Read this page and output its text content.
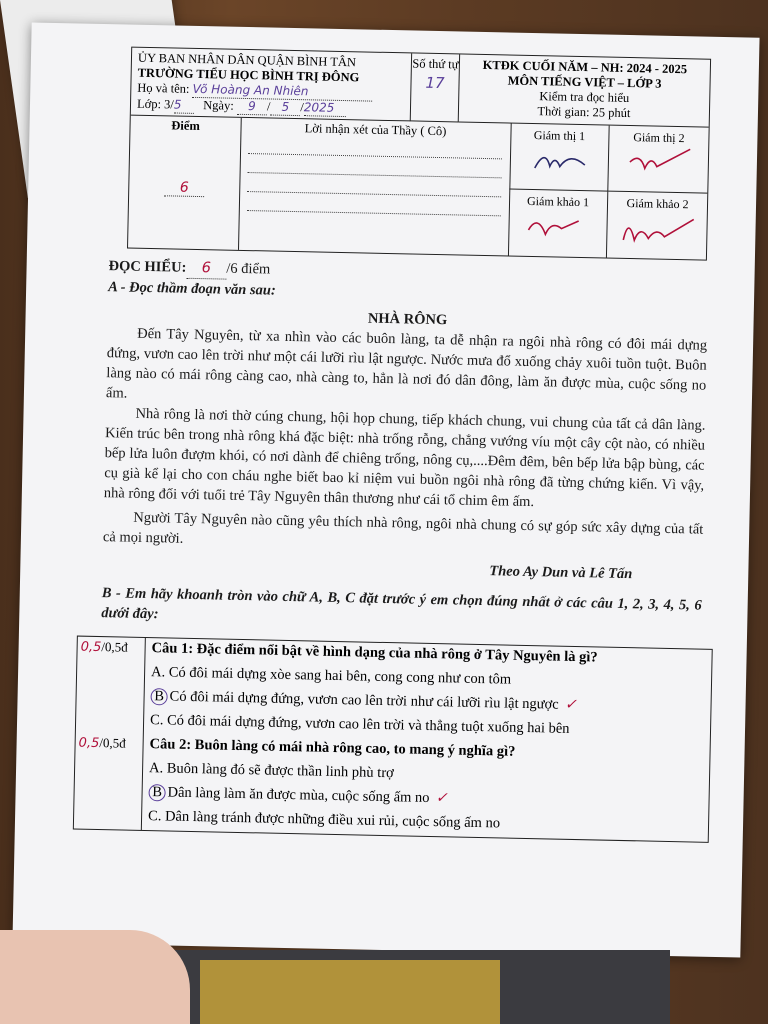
ỦY BAN NHÂN DÂN QUẬN BÌNH TÂN
TRƯỜNG TIỂU HỌC BÌNH TRỊ ĐÔNG
Họ và tên: Võ Hoàng An Nhiên
Lớp: 3/5 Ngày: 9 / 5 /2025
Số thứ tự
17
KTĐK CUỐI NĂM – NH: 2024 - 2025
MÔN TIẾNG VIỆT – LỚP 3
Kiểm tra đọc hiểu
Thời gian: 25 phút
Điểm
6
Lời nhận xét của Thầy ( Cô)	Giám thị 1	Giám thị 2
Giám khảo 1	Giám khảo 2

ĐỌC HIỂU: 6 /6 điểm

A - Đọc thầm đoạn văn sau:

NHÀ RÔNG

Đến Tây Nguyên, từ xa nhìn vào các buôn làng, ta dễ nhận ra ngôi nhà rông có đôi mái dựng đứng, vươn cao lên trời như một cái lưỡi rìu lật ngược. Nước mưa đổ xuống chảy xuôi tuồn tuột. Buôn làng nào có mái rông càng cao, nhà càng to, hẳn là nơi đó dân đông, làm ăn được mùa, cuộc sống no ấm.

Nhà rông là nơi thờ cúng chung, hội họp chung, tiếp khách chung, vui chung của tất cả dân làng. Kiến trúc bên trong nhà rông khá đặc biệt: nhà trống rỗng, chẳng vướng víu một cây cột nào, có nhiều bếp lửa luôn đượm khói, có nơi dành để chiêng trống, nông cụ,....Đêm đêm, bên bếp lửa bập bùng, các cụ già kể lại cho con cháu nghe biết bao kỉ niệm vui buồn ngôi nhà rông đã từng chứng kiến. Vì vậy, nhà rông đối với tuổi trẻ Tây Nguyên thân thương như cái tổ chim êm ấm.

Người Tây Nguyên nào cũng yêu thích nhà rông, ngôi nhà chung có sự góp sức xây dựng của tất cả mọi người.

Theo Ay Dun và Lê Tấn

B - Em hãy khoanh tròn vào chữ A, B, C đặt trước ý em chọn đúng nhất ở các câu 1, 2, 3, 4, 5, 6 dưới đây:

0,5/0,5đ	Câu 1: Đặc điểm nổi bật về hình dạng của nhà rông ở Tây Nguyên là gì?
A. Có đôi mái dựng xòe sang hai bên, cong cong như con tôm
B Có đôi mái dựng đứng, vươn cao lên trời như cái lưỡi rìu lật ngược ✓
C. Có đôi mái dựng đứng, vươn cao lên trời và thẳng tuột xuống hai bên
0,5/0,5đ	Câu 2: Buôn làng có mái nhà rông cao, to mang ý nghĩa gì?
A. Buôn làng đó sẽ được thần linh phù trợ
B Dân làng làm ăn được mùa, cuộc sống ấm no ✓
C. Dân làng tránh được những điều xui rủi, cuộc sống ấm no
